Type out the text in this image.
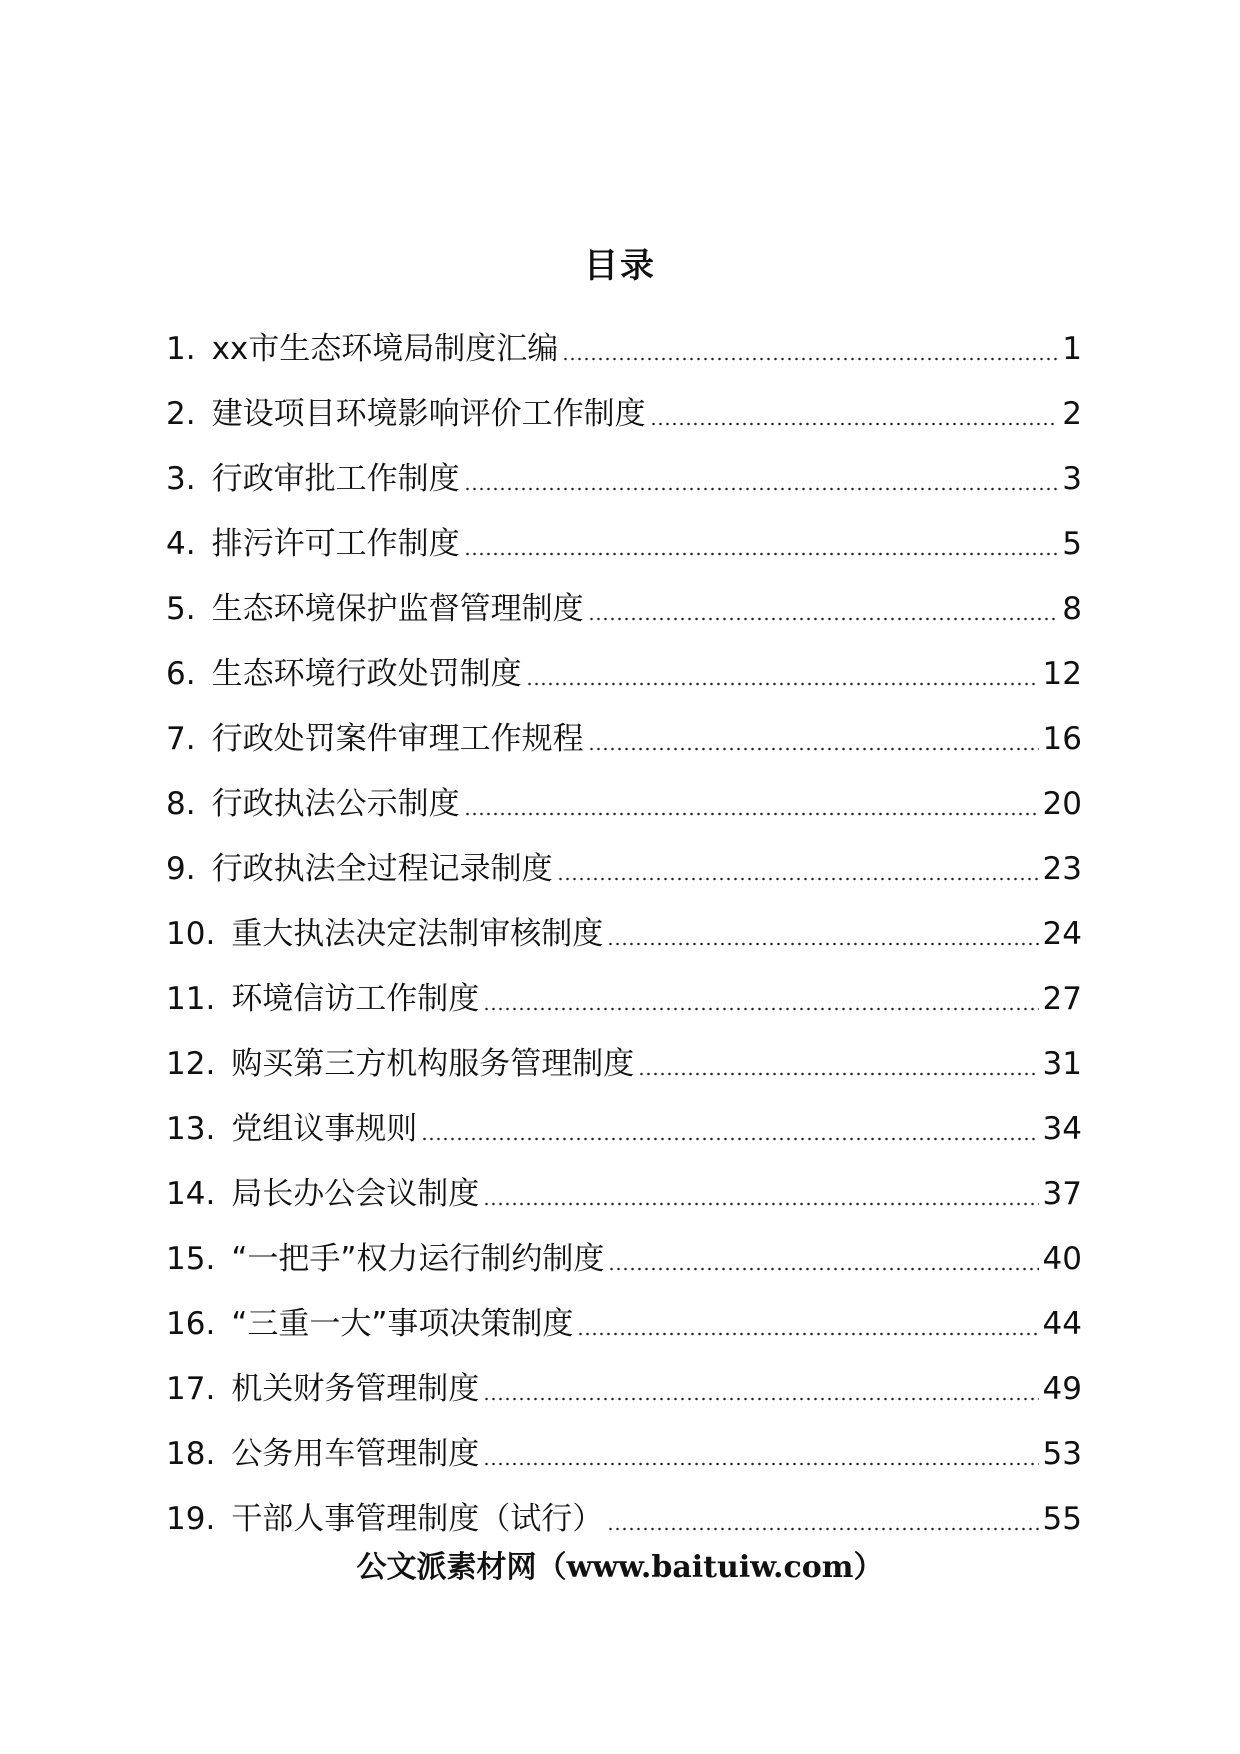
目录
1. xx市生态环境局制度汇编	1
2. 建设项目环境影响评价工作制度	2
3. 行政审批工作制度	3
4. 排污许可工作制度	5
5. 生态环境保护监督管理制度	8
6. 生态环境行政处罚制度	12
7. 行政处罚案件审理工作规程	16
8. 行政执法公示制度	20
9. 行政执法全过程记录制度	23
10. 重大执法决定法制审核制度	24
11. 环境信访工作制度	27
12. 购买第三方机构服务管理制度	31
13. 党组议事规则	34
14. 局长办公会议制度	37
15. “一把手”权力运行制约制度	40
16. “三重一大”事项决策制度	44
17. 机关财务管理制度	49
18. 公务用车管理制度	53
19. 干部人事管理制度（试行）	55
公文派素材网（www.baituiw.com）
